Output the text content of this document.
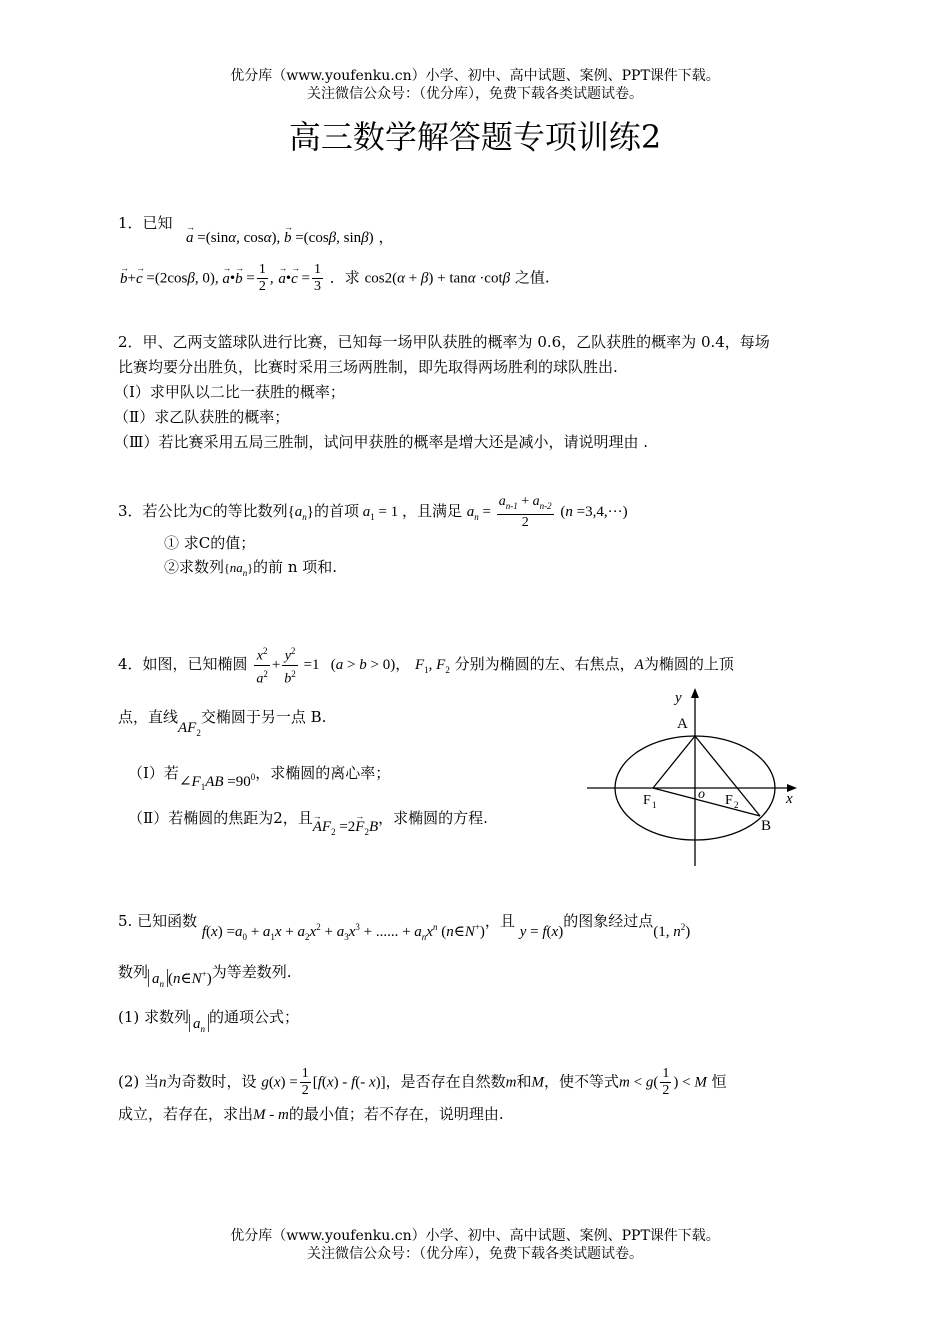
优分库（www.youfenku.cn）小学、初中、高中试题、案例、PPT课件下载。
关注微信公众号：（优分库），免费下载各类试题试卷。
高三数学解答题专项训练2
1．已知
→ a =(sinα, cosα), → b =(cosβ, sinβ) ，
→ b+→ c =(2cosβ, 0), → a•→ $b = \frac{1}{2}$ , → a•→ $c = \frac{1}{3}$ ．求 cos2(α + β) + tanα ·cotβ 之值.
2．甲、乙两支篮球队进行比赛，已知每一场甲队获胜的概率为 0.6，乙队获胜的概率为 0.4，每场
比赛均要分出胜负，比赛时采用三场两胜制，即先取得两场胜利的球队胜出.
（Ⅰ）求甲队以二比一获胜的概率；
（Ⅱ）求乙队获胜的概率；
（Ⅲ）若比赛采用五局三胜制，试问甲获胜的概率是增大还是减小，请说明理由 .
3．若公比为C的等比数列$\{a_n\}$的首项 $a_1 = 1$ ，且满足 $a_n = \frac{a_{n-1} + a_{n-2}}{2} (n =3,4,\cdot\cdot\cdot)$
① 求C的值；
②求数列$\{na_n\}$的前 n 项和.
4．如图，已知椭圆 $\frac{x^2}{a^2} + \frac{y^2}{b^2} =1$   (a > b > 0)， $F_1$, $F_2$ 分别为椭圆的左、右焦点，A为椭圆的上顶
点，直线$AF_2$交椭圆于另一点 B.
（Ⅰ）若$\angle F_1AB =90^0$，求椭圆的离心率；
（Ⅱ）若椭圆的焦距为2，且→ $AF_2 =2\to F_2B$，求椭圆的方程.
y
A
o
F 1	F 2	x
B
5. 已知函数 $f(x) =a_0 + a_1x + a_2x^2 + a_3x^3$ + ...... + $a_nx^n$ (n∈N+)，且 y = f(x)的图象经过点(1, $n^2$)
数列 $a_n$ (n∈N+)为等差数列.
(1) 求数列 $a_n$的通项公式；
(2) 当n为奇数时，设 $g(x) = \frac{1}{2} [f(x) - f(-$ x)]，是否存在自然数m和M，使不等式$m < g( \frac{1}{2}$ ) < M 恒
成立，若存在，求出M - m的最小值；若不存在，说明理由.
优分库（www.youfenku.cn）小学、初中、高中试题、案例、PPT课件下载。
关注微信公众号：（优分库），免费下载各类试题试卷。
